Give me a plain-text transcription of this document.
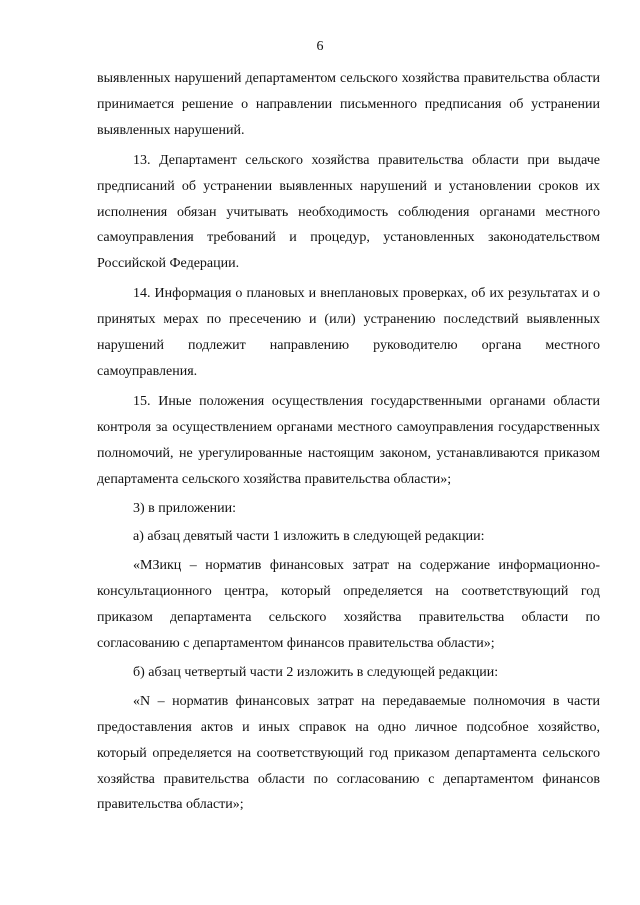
6

выявленных нарушений департаментом сельского хозяйства правительства области принимается решение о направлении письменного предписания об устранении выявленных нарушений.

13. Департамент сельского хозяйства правительства области при выдаче предписаний об устранении выявленных нарушений и установлении сроков их исполнения обязан учитывать необходимость соблюдения органами местного самоуправления требований и процедур, установленных законодательством Российской Федерации.

14. Информация о плановых и внеплановых проверках, об их результатах и о принятых мерах по пресечению и (или) устранению последствий выявленных нарушений подлежит направлению руководителю органа местного самоуправления.

15. Иные положения осуществления государственными органами области контроля за осуществлением органами местного самоуправления государственных полномочий, не урегулированные настоящим законом, устанавливаются приказом департамента сельского хозяйства правительства области»;

3) в приложении:

а) абзац девятый части 1 изложить в следующей редакции:

«МЗикц – норматив финансовых затрат на содержание информационно-консультационного центра, который определяется на соответствующий год приказом департамента сельского хозяйства правительства области по согласованию с департаментом финансов правительства области»;

б) абзац четвертый части 2 изложить в следующей редакции:

«N – норматив финансовых затрат на передаваемые полномочия в части предоставления актов и иных справок на одно личное подсобное хозяйство, который определяется на соответствующий год приказом департамента сельского хозяйства правительства области по согласованию с департаментом финансов правительства области»;
